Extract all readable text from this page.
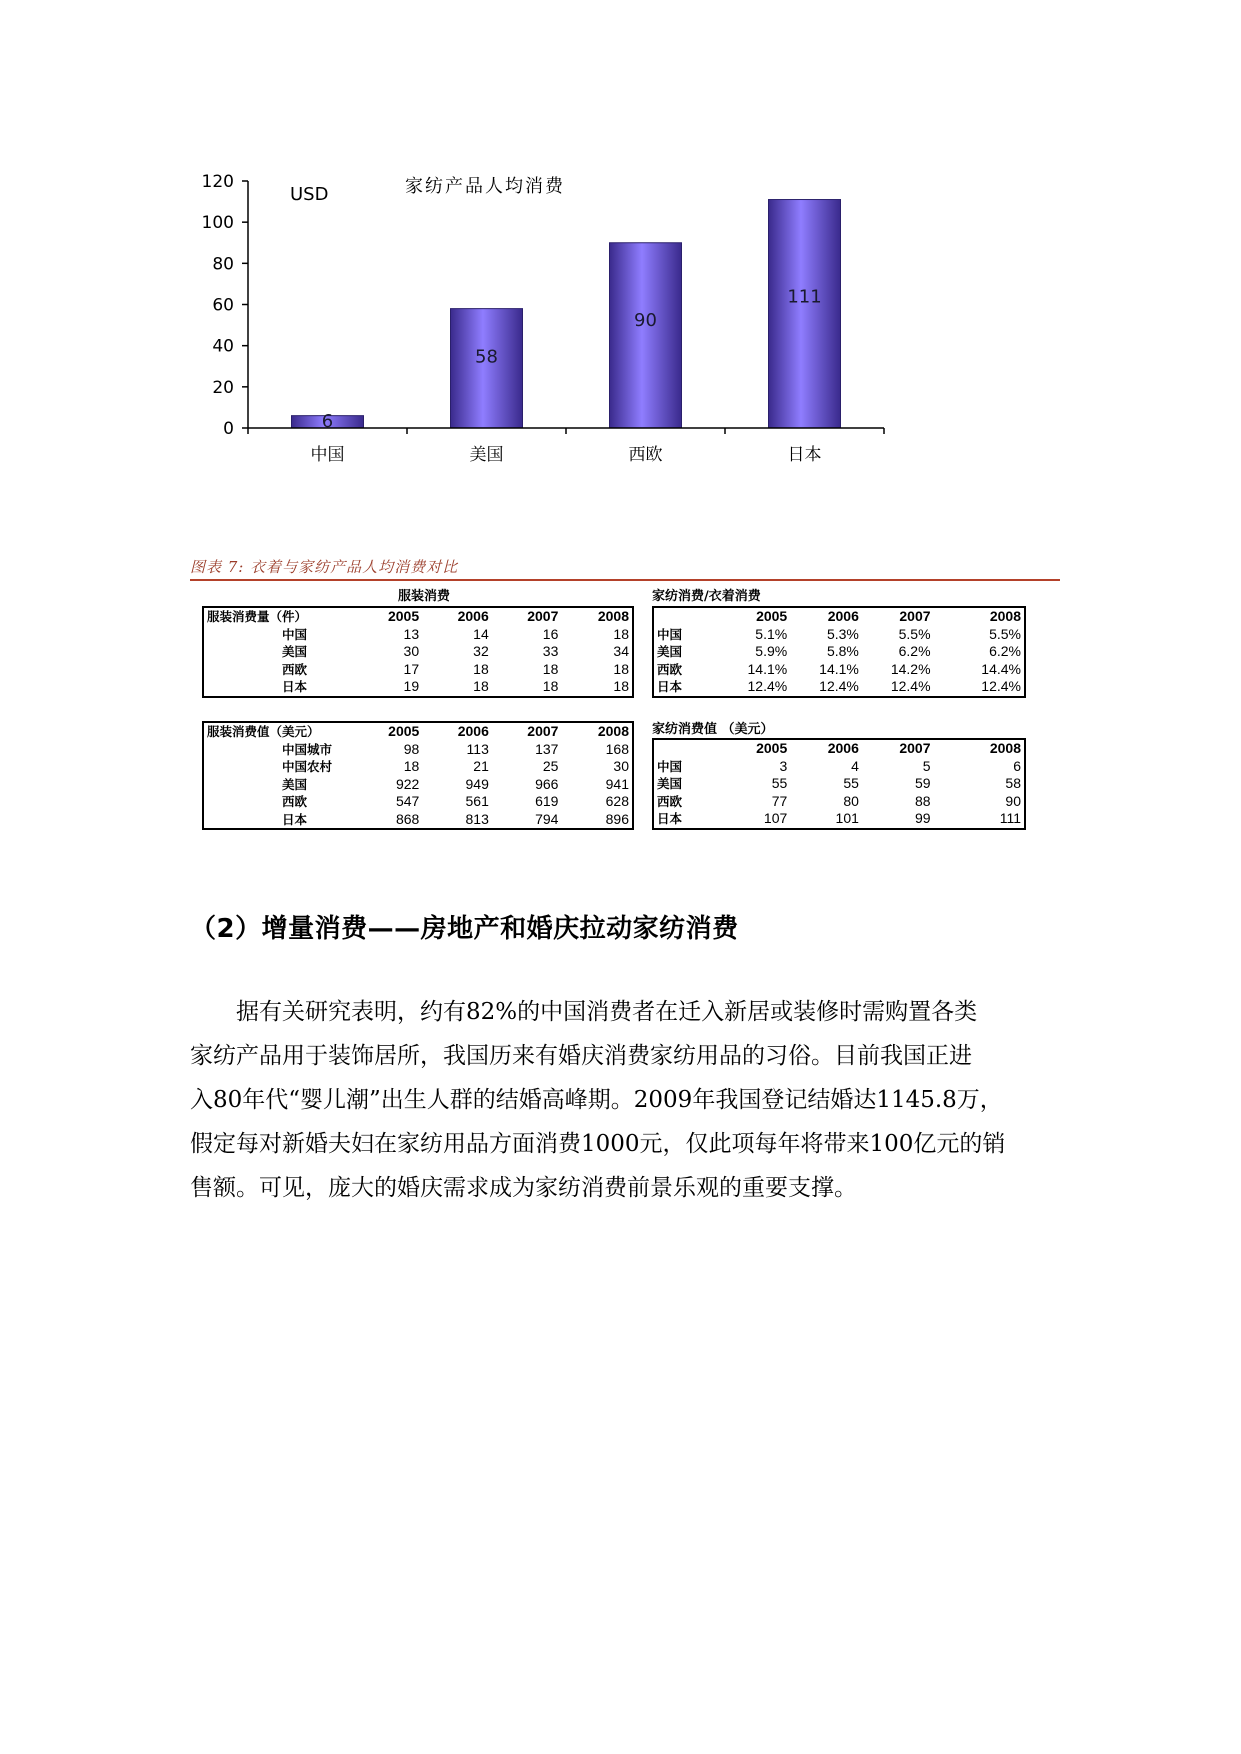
家纺产品人均消费
USD
0
20
40
60
80
100
120
6
58
90
111
中国	美国	西欧	日本
图表 7: 衣着与家纺产品人均消费对比
服装消费
服装消费量（件）	2005	2006	2007	2008
中国	13	14	16	18
美国	30	32	33	34
西欧	17	18	18	18
日本	19	18	18	18
家纺消费/衣着消费
	2005	2006	2007	2008
中国	5.1%	5.3%	5.5%	5.5%
美国	5.9%	5.8%	6.2%	6.2%
西欧	14.1%	14.1%	14.2%	14.4%
日本	12.4%	12.4%	12.4%	12.4%
服装消费值（美元）	2005	2006	2007	2008
中国城市	98	113	137	168
中国农村	18	21	25	30
美国	922	949	966	941
西欧	547	561	619	628
日本	868	813	794	896
家纺消费值 （美元）
	2005	2006	2007	2008
中国	3	4	5	6
美国	55	55	59	58
西欧	77	80	88	90
日本	107	101	99	111
（2）增量消费——房地产和婚庆拉动家纺消费

　　据有关研究表明，约有82%的中国消费者在迁入新居或装修时需购置各类

家纺产品用于装饰居所，我国历来有婚庆消费家纺用品的习俗。目前我国正进

入80年代“婴儿潮”出生人群的结婚高峰期。2009年我国登记结婚达1145.8万，

假定每对新婚夫妇在家纺用品方面消费1000元，仅此项每年将带来100亿元的销

售额。可见，庞大的婚庆需求成为家纺消费前景乐观的重要支撑。
